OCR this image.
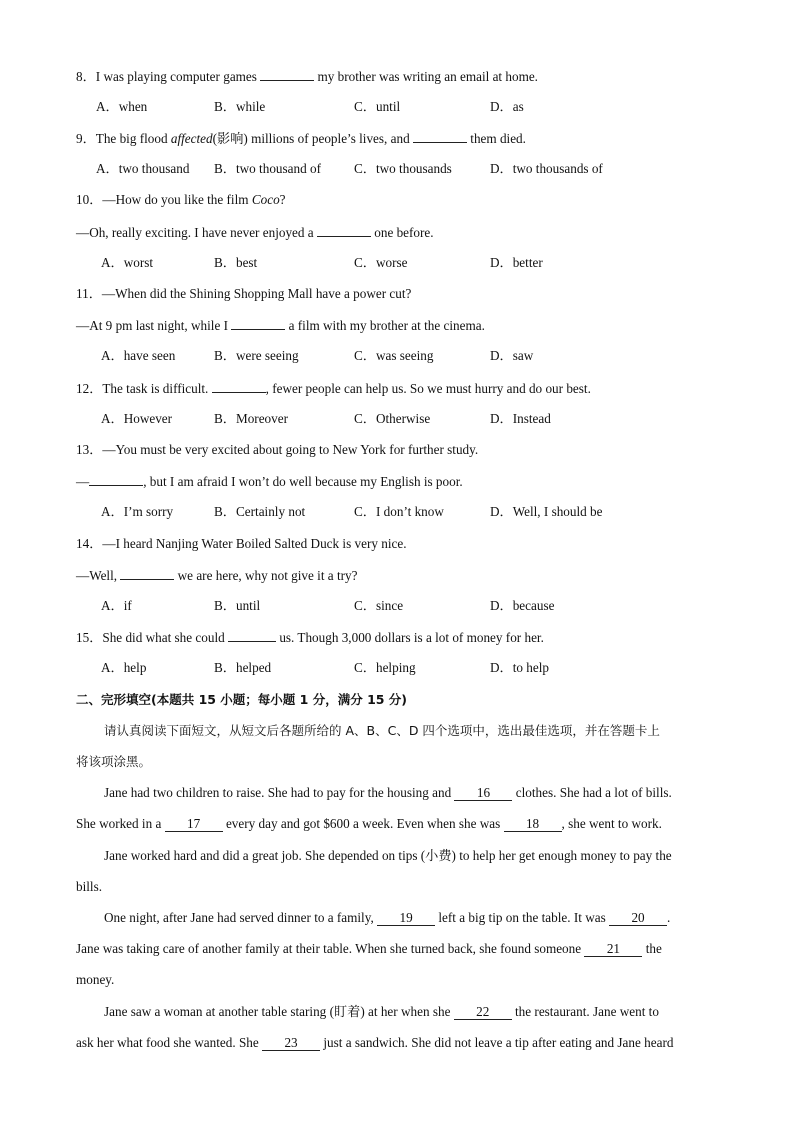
8．I was playing computer games	my brother was writing an email at home.
A．when	B．while	C．until	D．as
9．The big flood affected(影响) millions of people’s lives, and	them died.
A．two thousand B．two thousand of	C．two thousands	D．two thousands of
10．—How do you like the film Coco?
—Oh, really exciting. I have never enjoyed a	one before.
A．worst	B．best	C．worse	D．better
11．—When did the Shining Shopping Mall have a power cut?
—At 9 pm last night, while I	a film with my brother at the cinema.
A．have seen	B．were seeing	C．was seeing	D．saw
12．The task is difficult.	, fewer people can help us. So we must hurry and do our best.
A．However	B．Moreover	C．Otherwise	D．Instead
13．—You must be very excited about going to New York for further study.
—	, but I am afraid I won’t do well because my English is poor.
A．I’m sorry	B．Certainly not	C．I don’t know	D．Well, I should be
14．—I heard Nanjing Water Boiled Salted Duck is very nice.
—Well,	we are here, why not give it a try?
A．if	B．until	C．since	D．because
15．She did what she could	us. Though 3,000 dollars is a lot of money for her.
A．help	B．helped	C．helping	D．to help
二、完形填空(本题共 15 小题；每小题 1 分，满分 15 分)
请认真阅读下面短文，从短文后各题所给的 A、B、C、D 四个选项中，选出最佳选项，并在答题卡上
将该项涂黑。
Jane had two children to raise. She had to pay for the housing and 16 clothes. She had a lot of bills.
She worked in a 17 every day and got $600 a week. Even when she was 18 , she went to work.
Jane worked hard and did a great job. She depended on tips (小费) to help her get enough money to pay the
bills.
One night, after Jane had served dinner to a family, 19 left a big tip on the table. It was 20 .
Jane was taking care of another family at their table. When she turned back, she found someone 21 the
money.
Jane saw a woman at another table staring (盯着) at her when she 22 the restaurant. Jane went to
ask her what food she wanted. She 23 just a sandwich. She did not leave a tip after eating and Jane heard
